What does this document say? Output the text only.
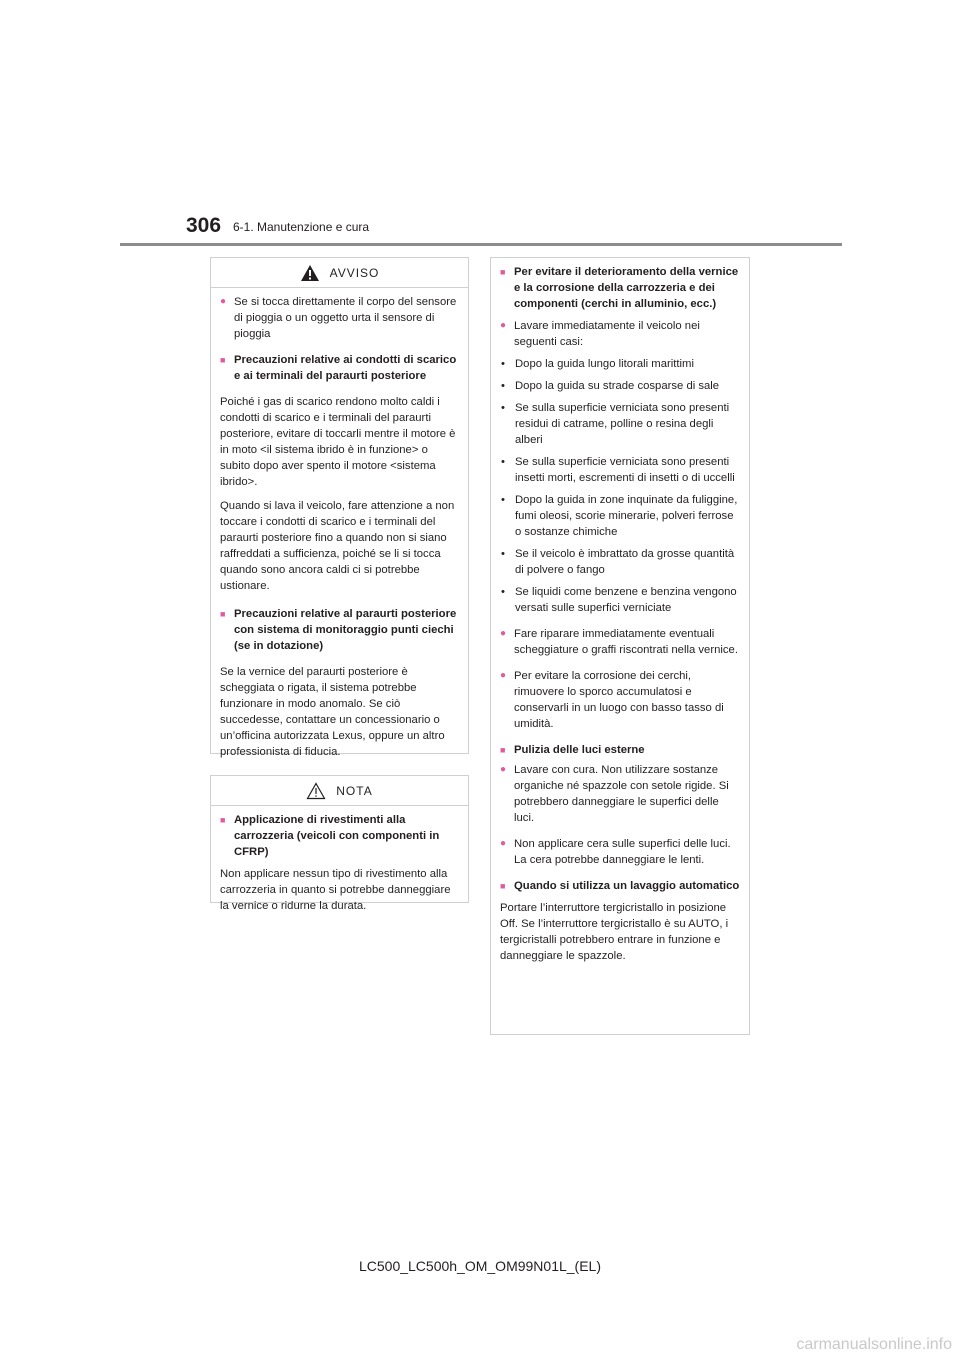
306 6-1. Manutenzione e cura
AVVISO
● Se si tocca direttamente il corpo del sensore di pioggia o un oggetto urta il sensore di pioggia
■ Precauzioni relative ai condotti di scarico e ai terminali del paraurti posteriore

Poiché i gas di scarico rendono molto caldi i condotti di scarico e i terminali del paraurti posteriore, evitare di toccarli mentre il motore è in moto <il sistema ibrido è in funzione> o subito dopo aver spento il motore <sistema ibrido>.

Quando si lava il veicolo, fare attenzione a non toccare i condotti di scarico e i terminali del paraurti posteriore fino a quando non si siano raffreddati a sufficienza, poiché se li si tocca quando sono ancora caldi ci si potrebbe ustionare.

■ Precauzioni relative al paraurti posteriore con sistema di monitoraggio punti ciechi (se in dotazione)

Se la vernice del paraurti posteriore è scheggiata o rigata, il sistema potrebbe funzionare in modo anomalo. Se ciò succedesse, contattare un concessionario o un’officina autorizzata Lexus, oppure un altro professionista di fiducia.

NOTA
■ Applicazione di rivestimenti alla carrozzeria (veicoli con componenti in CFRP)

Non applicare nessun tipo di rivestimento alla carrozzeria in quanto si potrebbe danneggiare la vernice o ridurne la durata.

■ Per evitare il deterioramento della vernice e la corrosione della carrozzeria e dei componenti (cerchi in alluminio, ecc.)
● Lavare immediatamente il veicolo nei seguenti casi:
• Dopo la guida lungo litorali marittimi
• Dopo la guida su strade cosparse di sale
• Se sulla superficie verniciata sono presenti residui di catrame, polline o resina degli alberi
• Se sulla superficie verniciata sono presenti insetti morti, escrementi di insetti o di uccelli
• Dopo la guida in zone inquinate da fuliggine, fumi oleosi, scorie minerarie, polveri ferrose o sostanze chimiche
• Se il veicolo è imbrattato da grosse quantità di polvere o fango
• Se liquidi come benzene e benzina vengono versati sulle superfici verniciate
● Fare riparare immediatamente eventuali scheggiature o graffi riscontrati nella vernice.
● Per evitare la corrosione dei cerchi, rimuovere lo sporco accumulatosi e conservarli in un luogo con basso tasso di umidità.
■ Pulizia delle luci esterne
● Lavare con cura. Non utilizzare sostanze organiche né spazzole con setole rigide. Si potrebbero danneggiare le superfici delle luci.
● Non applicare cera sulle superfici delle luci. La cera potrebbe danneggiare le lenti.
■ Quando si utilizza un lavaggio automatico

Portare l’interruttore tergicristallo in posizione Off. Se l’interruttore tergicristallo è su AUTO, i tergicristalli potrebbero entrare in funzione e danneggiare le spazzole.

LC500_LC500h_OM_OM99N01L_(EL)
carmanualsonline.info
